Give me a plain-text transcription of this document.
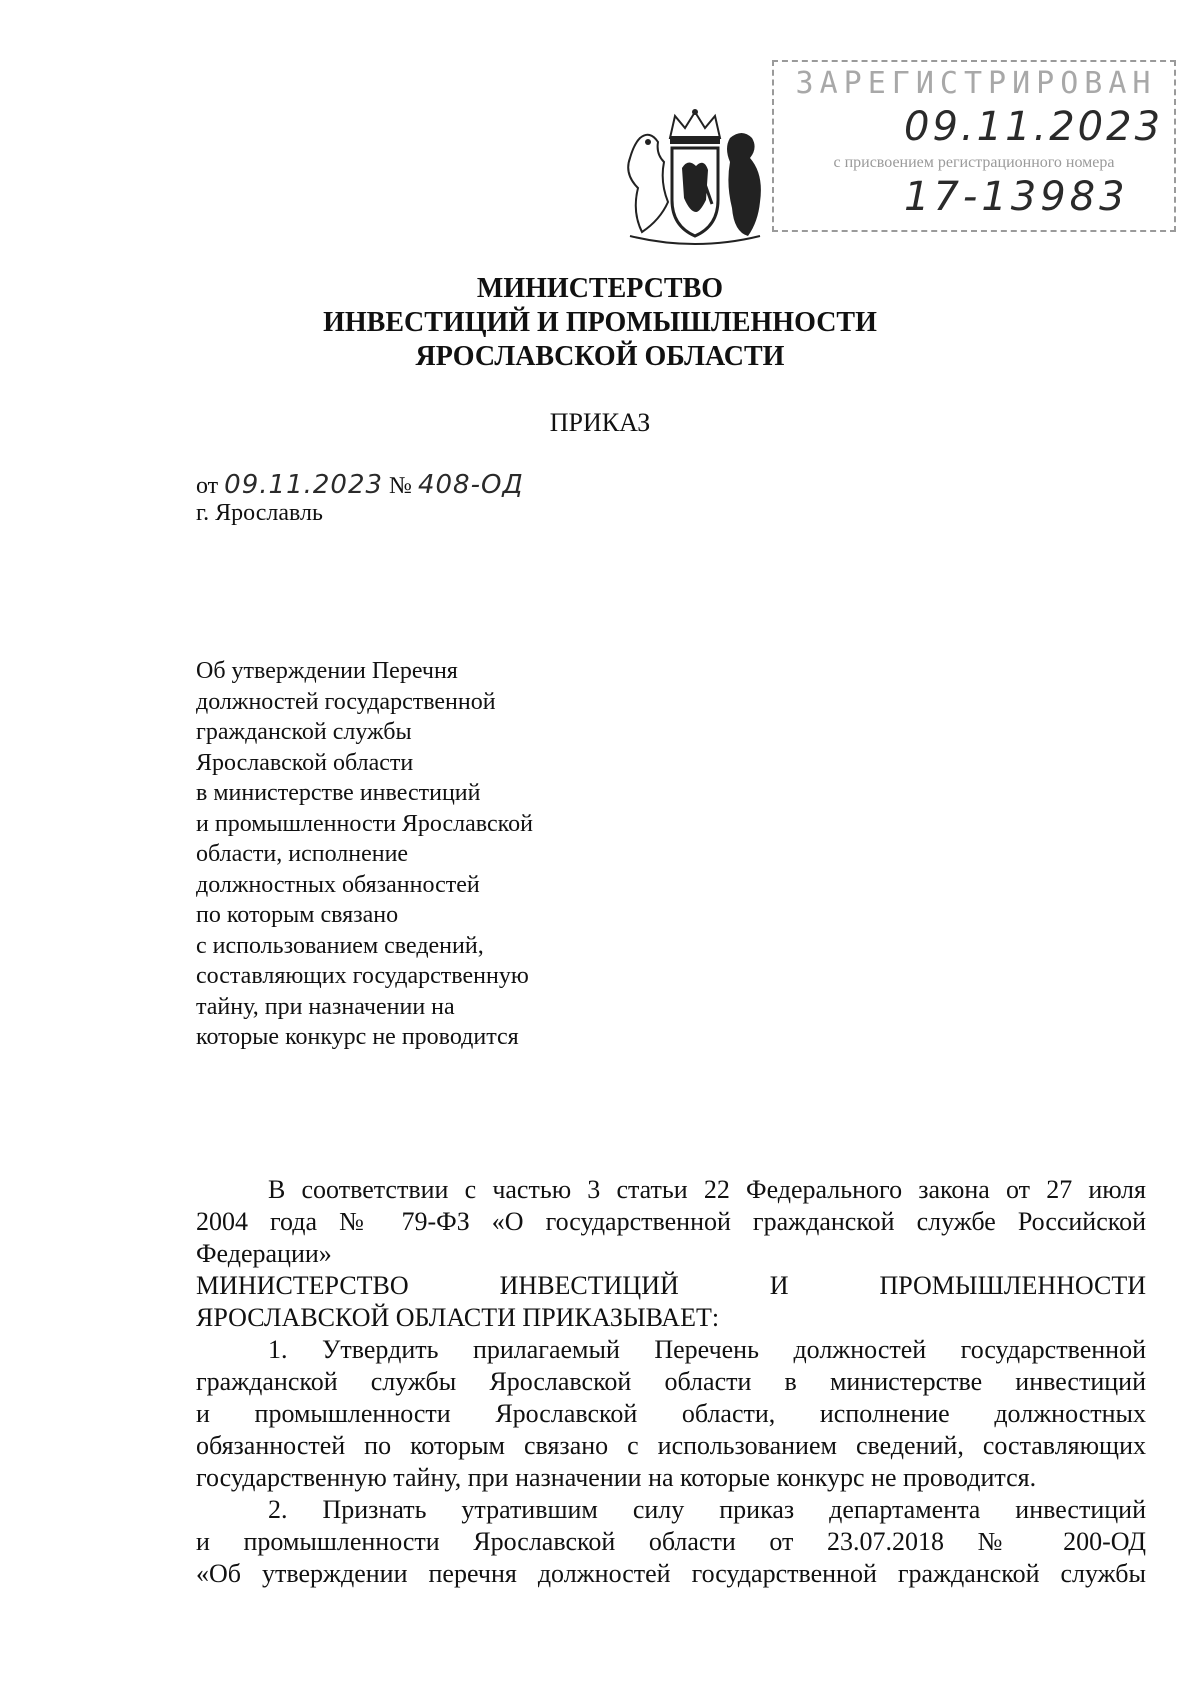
ЗАРЕГИСТРИРОВАН
09.11.2023
с присвоением регистрационного номера
17-13983
МИНИСТЕРСТВО
ИНВЕСТИЦИЙ И ПРОМЫШЛЕННОСТИ
ЯРОСЛАВСКОЙ ОБЛАСТИ
ПРИКАЗ
от 09.11.2023 № 408-ОД
г. Ярославль
Об утверждении Перечня
должностей государственной
гражданской службы
Ярославской области
в министерстве инвестиций
и промышленности Ярославской
области, исполнение
должностных обязанностей
по которым связано
с использованием сведений,
составляющих государственную
тайну, при назначении на
которые конкурс не проводится
В соответствии с частью 3 статьи 22 Федерального закона от 27 июля
2004 года № 79-ФЗ «О государственной гражданской службе Российской
Федерации»
МИНИСТЕРСТВО ИНВЕСТИЦИЙ И ПРОМЫШЛЕННОСТИ
ЯРОСЛАВСКОЙ ОБЛАСТИ ПРИКАЗЫВАЕТ:
1. Утвердить прилагаемый Перечень должностей государственной
гражданской службы Ярославской области в министерстве инвестиций
и промышленности Ярославской области, исполнение должностных
обязанностей по которым связано с использованием сведений, составляющих
государственную тайну, при назначении на которые конкурс не проводится.
2. Признать утратившим силу приказ департамента инвестиций
и промышленности Ярославской области от 23.07.2018 № 200-ОД
«Об утверждении перечня должностей государственной гражданской службы
